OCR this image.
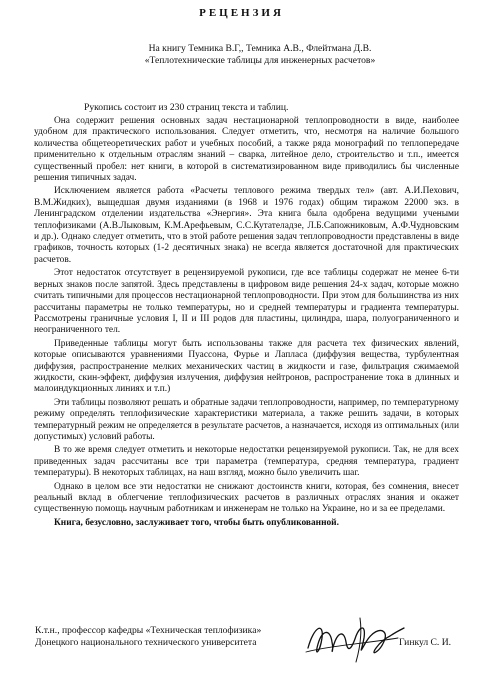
РЕЦЕНЗИЯ
На книгу Темника В.Г,, Темника А.В., Флейтмана Д.В.
«Теплотехнические таблицы для инженерных расчетов»
Рукопись состоит из 230 страниц текста и таблиц.

Она содержит решения основных задач нестационарной теплопроводности в виде, наиболее удобном для практического использования. Следует отметить, что, несмотря на наличие большого количества общетеоретических работ и учебных пособий, а также ряда монографий по теплопередаче применительно к отдельным отраслям знаний – сварка, литейное дело, строительство и т.п., имеется существенный пробел: нет книги, в которой в систематизированном виде приводились бы численные решения типичных задач.

Исключением является работа «Расчеты теплового режима твердых тел» (авт. А.И.Пехович, В.М.Жидких), выщедшая двумя изданиями (в 1968 и 1976 годах) общим тиражом 22000 экз. в Ленинградском отделении издательства «Энергия». Эта книга была одобрена ведущими учеными теплофизиками (А.В.Лыковым, К.М.Арефьевым, С.С.Кутателадзе, Л.Б.Сапожниковым, А.Ф.Чудновским и др.). Однако следует отметить, что в этой работе решения задач теплопроводности представлены в виде графиков, точность которых (1-2 десятичных знака) не всегда является достаточной для практических расчетов.

Этот недостаток отсутствует в рецензируемой рукописи, где все таблицы содержат не менее 6-ти верных знаков после запятой. Здесь представлены в цифровом виде решения 24-х задач, которые можно считать типичными для процессов нестационарной теплопроводности. При этом для большинства из них рассчитаны параметры не только температуры, но и средней температуры и градиента температуры. Рассмотрены граничные условия I, II и III родов для пластины, цилиндра, шара, полуограниченного и неограниченного тел.

Приведенные таблицы могут быть использованы также для расчета тех физических явлений, которые описываются уравнениями Пуассона, Фурье и Лапласа (диффузия вещества, турбулентная диффузия, распространение мелких механических частиц в жидкости и газе, фильтрация сжимаемой жидкости, скин-эффект, диффузия излучения, диффузия нейтронов, распространение тока в длинных и малоиндукционных линиях и т.п.)

Эти таблицы позволяют решать и обратные задачи теплопроводности, например, по температурному режиму определять теплофизические характеристики материала, а также решить задачи, в которых температурный режим не определяется в результате расчетов, а назначается, исходя из оптимальных (или допустимых) условий работы.

В то же время следует отметить и некоторые недостатки рецензируемой рукописи. Так, не для всех приведенных задач рассчитаны все три параметра (температура, средняя температура, градиент температуры). В некоторых таблицах, на наш взгляд, можно было увеличить шаг.

Однако в целом все эти недостатки не снижают достоинств книги, которая, без сомнения, внесет реальный вклад в облегчение теплофизических расчетов в различных отраслях знания и окажет существенную помощь научным работникам и инженерам не только на Украине, но и за ее пределами.

Книга, безусловно, заслуживает того, чтобы быть опубликованной.

К.т.н., профессор кафедры «Техническая теплофизика»
Донецкого национального технического университета	Гинкул С. И.
